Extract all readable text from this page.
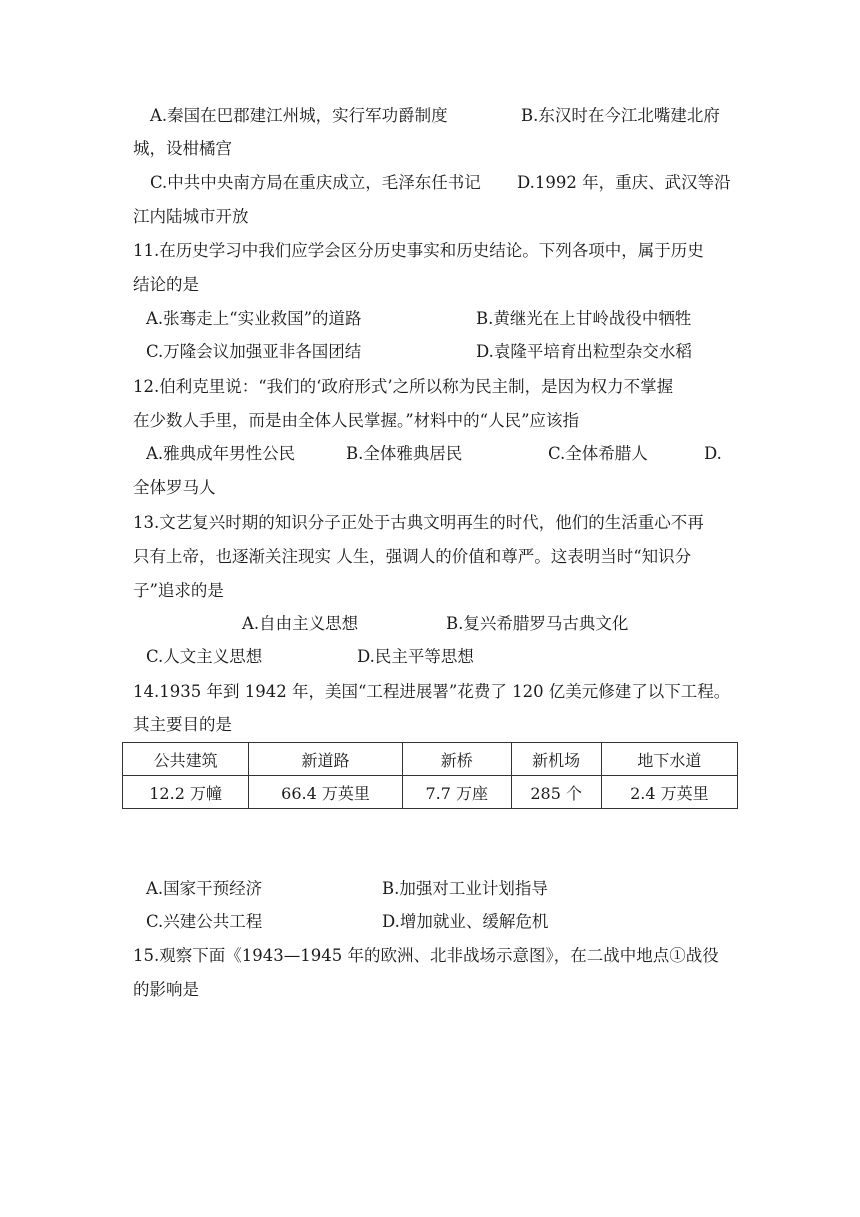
A.秦国在巴郡建江州城，实行军功爵制度	B.东汉时在今江北嘴建北府
城，设柑橘宫
C.中共中央南方局在重庆成立，毛泽东任书记 D.1992 年，重庆、武汉等沿
江内陆城市开放
11.在历史学习中我们应学会区分历史事实和历史结论。下列各项中，属于历史
结论的是
A.张骞走上“实业救国”的道路	B.黄继光在上甘岭战役中牺牲
C.万隆会议加强亚非各国团结	D.袁隆平培育出粒型杂交水稻
12.伯利克里说：“我们的‘政府形式’之所以称为民主制，是因为权力不掌握
在少数人手里，而是由全体人民掌握。”材料中的“人民”应该指
A.雅典成年男性公民	B.全体雅典居民	C.全体希腊人	D.
全体罗马人
13.文艺复兴时期的知识分子正处于古典文明再生的时代，他们的生活重心不再
只有上帝，也逐渐关注现实 人生，强调人的价值和尊严。这表明当时“知识分
子”追求的是
A.自由主义思想	B.复兴希腊罗马古典文化
C.人文主义思想	D.民主平等思想
14.1935 年到 1942 年，美国“工程进展署”花费了 120 亿美元修建了以下工程。
其主要目的是
公共建筑	新道路	新桥	新机场	地下水道
12.2 万幢	66.4 万英里	7.7 万座	285 个	2.4 万英里
A.国家干预经济	B.加强对工业计划指导
C.兴建公共工程	D.增加就业、缓解危机
15.观察下面《1943—1945 年的欧洲、北非战场示意图》，在二战中地点①战役
的影响是
